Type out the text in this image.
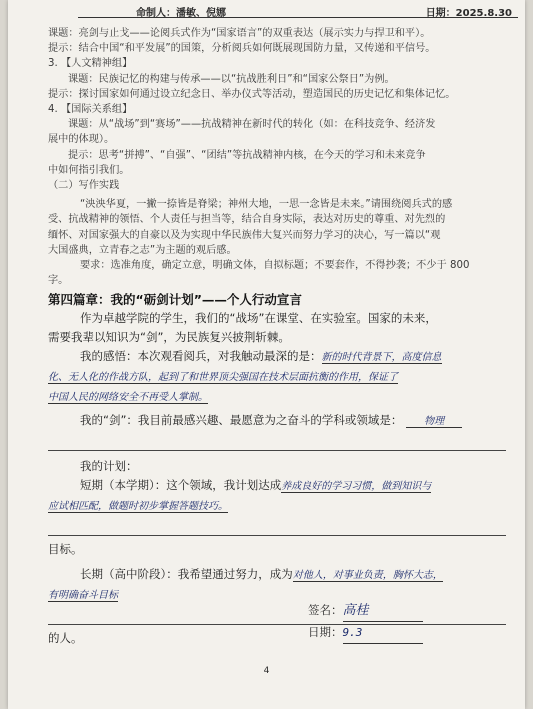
命制人：潘敏、倪娜	日期：2025.8.30

课题：亮剑与止戈——论阅兵式作为“国家语言”的双重表达（展示实力与捍卫和平）。

提示：结合中国“和平发展”的国策，分析阅兵如何既展现国防力量，又传递和平信号。

3. 【人文精神组】

课题：民族记忆的构建与传承——以“抗战胜利日”和“国家公祭日”为例。

提示：探讨国家如何通过设立纪念日、举办仪式等活动，塑造国民的历史记忆和集体记忆。

4. 【国际关系组】

课题：从“战场”到“赛场”——抗战精神在新时代的转化（如：在科技竞争、经济发

展中的体现）。

提示：思考“拼搏”、“自强”、“团结”等抗战精神内核，在今天的学习和未来竞争

中如何指引我们。

（二）写作实践

“泱泱华夏，一撇一捺皆是脊梁；神州大地，一思一念皆是未来。”请围绕阅兵式的感

受、抗战精神的领悟、个人责任与担当等，结合自身实际，表达对历史的尊重、对先烈的

缅怀、对国家强大的自豪以及为实现中华民族伟大复兴而努力学习的决心，写一篇以“观

大国盛典，立青春之志”为主题的观后感。

要求：选准角度，确定立意，明确文体，自拟标题；不要套作，不得抄袭；不少于 800

字。

第四篇章：我的“砺剑计划”——个人行动宣言

作为卓越学院的学生，我们的“战场”在课堂、在实验室。国家的未来，

需要我辈以知识为“剑”，为民族复兴披荆斩棘。

我的感悟：本次观看阅兵，对我触动最深的是：新的时代背景下，高度信息

化、无人化的作战方队，起到了和世界顶尖强国在技术层面抗衡的作用，保证了

中国人民的网络安全不再受人掌制。

我的“剑”：我目前最感兴趣、最愿意为之奋斗的学科或领域是： 物理

我的计划：

短期（本学期）：这个领域，我计划达成养成良好的学习习惯，做到知识与

应试相匹配，做题时初步掌握答题技巧。

目标。

长期（高中阶段）：我希望通过努力，成为对他人，对事业负责，胸怀大志，

有明确奋斗目标

的人。

签名：高桂
日期：9.3
4
